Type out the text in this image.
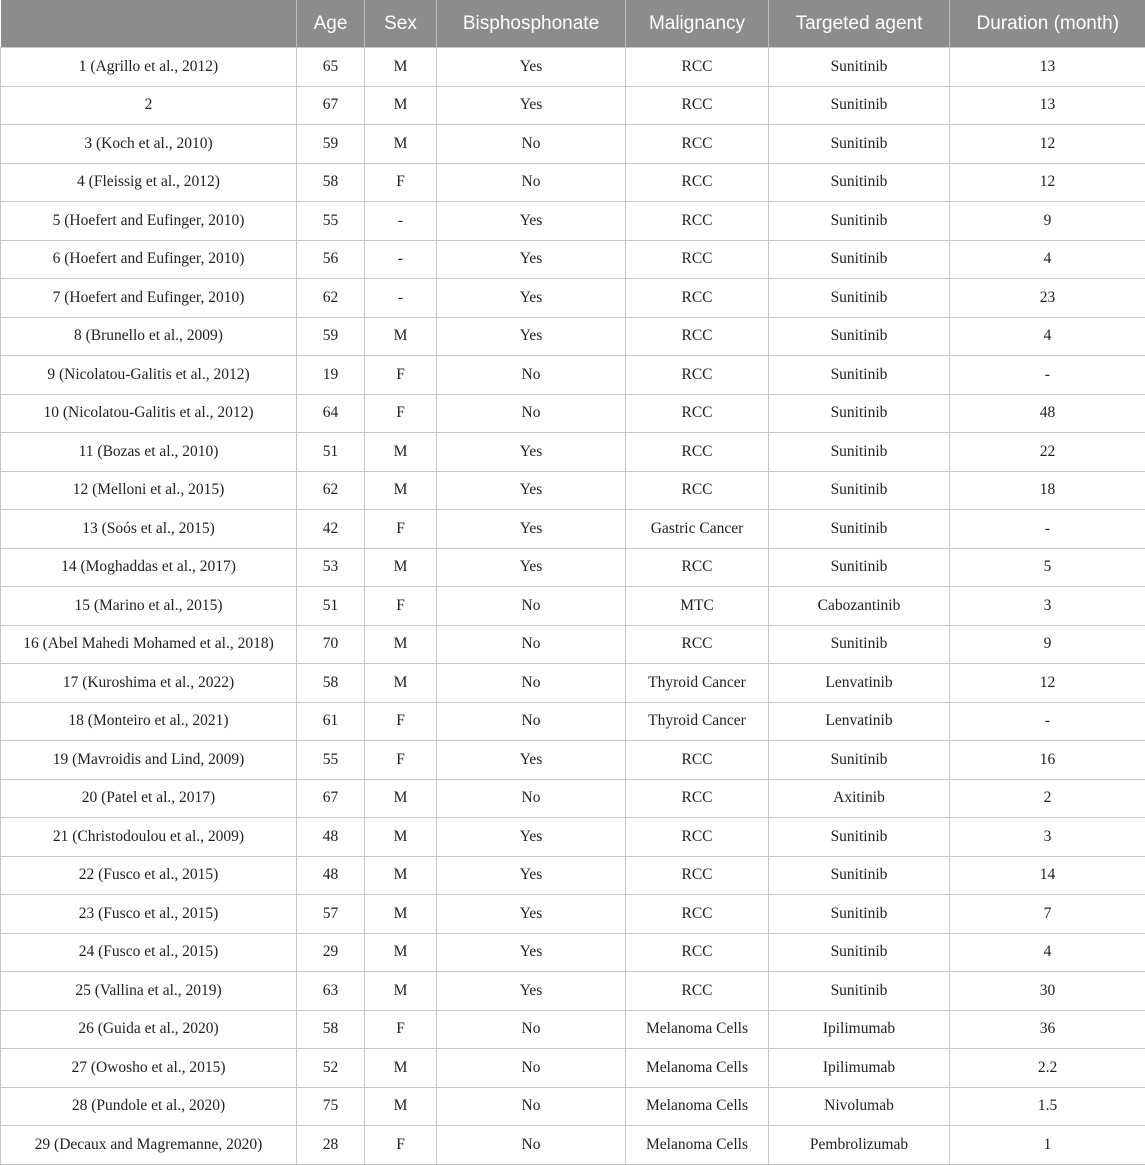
	Age	Sex	Bisphosphonate	Malignancy	Targeted agent	Duration (month)
1 (Agrillo et al., 2012)	65	M	Yes	RCC	Sunitinib	13
2	67	M	Yes	RCC	Sunitinib	13
3 (Koch et al., 2010)	59	M	No	RCC	Sunitinib	12
4 (Fleissig et al., 2012)	58	F	No	RCC	Sunitinib	12
5 (Hoefert and Eufinger, 2010)	55	-	Yes	RCC	Sunitinib	9
6 (Hoefert and Eufinger, 2010)	56	-	Yes	RCC	Sunitinib	4
7 (Hoefert and Eufinger, 2010)	62	-	Yes	RCC	Sunitinib	23
8 (Brunello et al., 2009)	59	M	Yes	RCC	Sunitinib	4
9 (Nicolatou-Galitis et al., 2012)	19	F	No	RCC	Sunitinib	-
10 (Nicolatou-Galitis et al., 2012)	64	F	No	RCC	Sunitinib	48
11 (Bozas et al., 2010)	51	M	Yes	RCC	Sunitinib	22
12 (Melloni et al., 2015)	62	M	Yes	RCC	Sunitinib	18
13 (Soós et al., 2015)	42	F	Yes	Gastric Cancer	Sunitinib	-
14 (Moghaddas et al., 2017)	53	M	Yes	RCC	Sunitinib	5
15 (Marino et al., 2015)	51	F	No	MTC	Cabozantinib	3
16 (Abel Mahedi Mohamed et al., 2018)	70	M	No	RCC	Sunitinib	9
17 (Kuroshima et al., 2022)	58	M	No	Thyroid Cancer	Lenvatinib	12
18 (Monteiro et al., 2021)	61	F	No	Thyroid Cancer	Lenvatinib	-
19 (Mavroidis and Lind, 2009)	55	F	Yes	RCC	Sunitinib	16
20 (Patel et al., 2017)	67	M	No	RCC	Axitinib	2
21 (Christodoulou et al., 2009)	48	M	Yes	RCC	Sunitinib	3
22 (Fusco et al., 2015)	48	M	Yes	RCC	Sunitinib	14
23 (Fusco et al., 2015)	57	M	Yes	RCC	Sunitinib	7
24 (Fusco et al., 2015)	29	M	Yes	RCC	Sunitinib	4
25 (Vallina et al., 2019)	63	M	Yes	RCC	Sunitinib	30
26 (Guida et al., 2020)	58	F	No	Melanoma Cells	Ipilimumab	36
27 (Owosho et al., 2015)	52	M	No	Melanoma Cells	Ipilimumab	2.2
28 (Pundole et al., 2020)	75	M	No	Melanoma Cells	Nivolumab	1.5
29 (Decaux and Magremanne, 2020)	28	F	No	Melanoma Cells	Pembrolizumab	1
